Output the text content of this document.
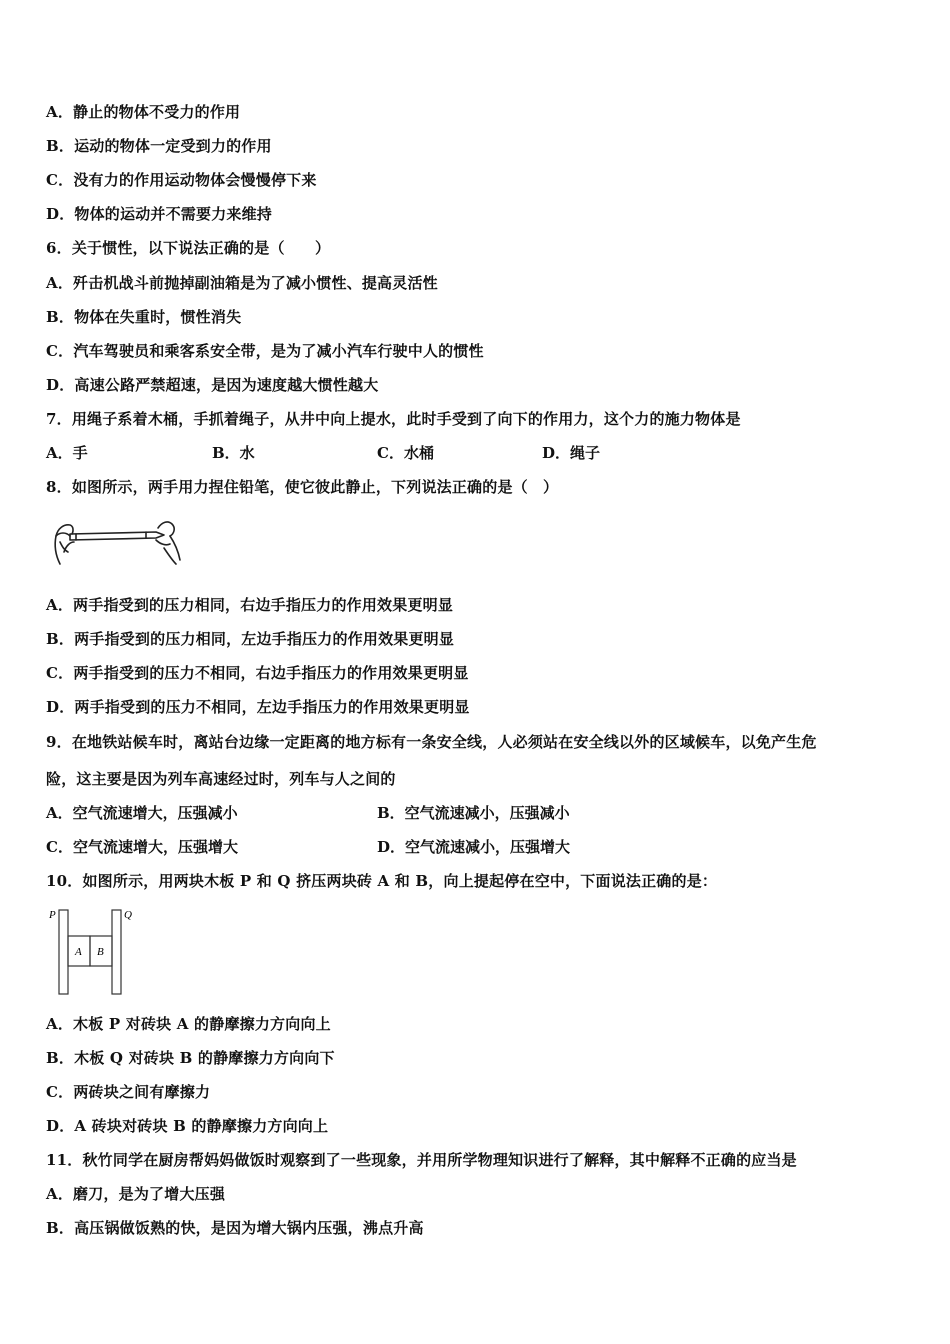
A．静止的物体不受力的作用
B．运动的物体一定受到力的作用
C．没有力的作用运动物体会慢慢停下来
D．物体的运动并不需要力来维持
6．关于惯性，以下说法正确的是（　　）
A．歼击机战斗前抛掉副油箱是为了减小惯性、提高灵活性
B．物体在失重时，惯性消失
C．汽车驾驶员和乘客系安全带，是为了减小汽车行驶中人的惯性
D．高速公路严禁超速，是因为速度越大惯性越大
7．用绳子系着木桶，手抓着绳子，从井中向上提水，此时手受到了向下的作用力，这个力的施力物体是
A．手	B．水	C．水桶	D．绳子
8．如图所示，两手用力捏住铅笔，使它彼此静止，下列说法正确的是（　）
A．两手指受到的压力相同，右边手指压力的作用效果更明显
B．两手指受到的压力相同，左边手指压力的作用效果更明显
C．两手指受到的压力不相同，右边手指压力的作用效果更明显
D．两手指受到的压力不相同，左边手指压力的作用效果更明显
9．在地铁站候车时，离站台边缘一定距离的地方标有一条安全线，人必须站在安全线以外的区域候车，以免产生危
险，这主要是因为列车高速经过时，列车与人之间的
A．空气流速增大，压强减小	B．空气流速减小，压强减小
C．空气流速增大，压强增大	D．空气流速减小，压强增大
10．如图所示，用两块木板 P 和 Q 挤压两块砖 A 和 B，向上提起停在空中，下面说法正确的是：
P	Q
A B
A．木板 P 对砖块 A 的静摩擦力方向向上
B．木板 Q 对砖块 B 的静摩擦力方向向下
C．两砖块之间有摩擦力
D．A 砖块对砖块 B 的静摩擦力方向向上
11．秋竹同学在厨房帮妈妈做饭时观察到了一些现象，并用所学物理知识进行了解释，其中解释不正确的应当是
A．磨刀，是为了增大压强
B．高压锅做饭熟的快，是因为增大锅内压强，沸点升高
